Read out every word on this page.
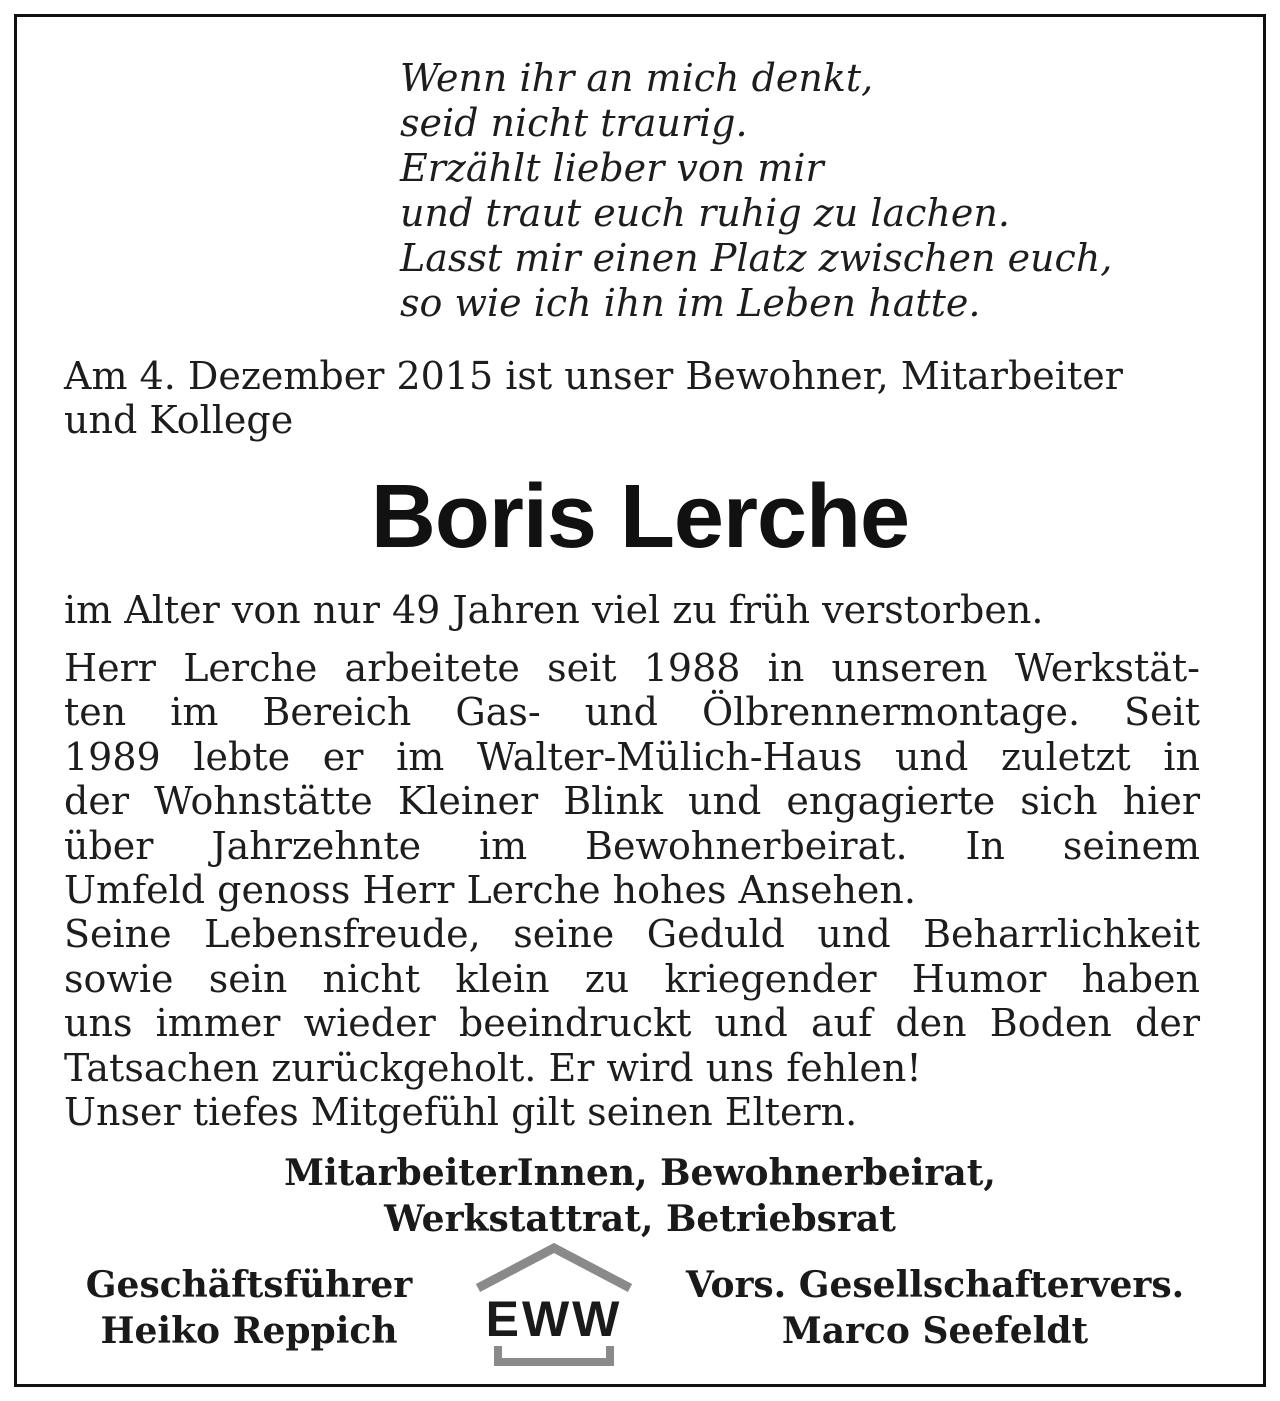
Wenn ihr an mich denkt,
seid nicht traurig.
Erzählt lieber von mir
und traut euch ruhig zu lachen.
Lasst mir einen Platz zwischen euch,
so wie ich ihn im Leben hatte.
Am 4. Dezember 2015 ist unser Bewohner, Mitarbeiter
und Kollege
Boris Lerche
im Alter von nur 49 Jahren viel zu früh verstorben.
Herr Lerche arbeitete seit 1988 in unseren Werkstät-
ten im Bereich Gas- und Ölbrennermontage. Seit
1989 lebte er im Walter-Mülich-Haus und zuletzt in
der Wohnstätte Kleiner Blink und engagierte sich hier
über Jahrzehnte im Bewohnerbeirat. In seinem
Umfeld genoss Herr Lerche hohes Ansehen.
Seine Lebensfreude, seine Geduld und Beharrlichkeit
sowie sein nicht klein zu kriegender Humor haben
uns immer wieder beeindruckt und auf den Boden der
Tatsachen zurückgeholt. Er wird uns fehlen!
Unser tiefes Mitgefühl gilt seinen Eltern.
MitarbeiterInnen, Bewohnerbeirat,
Werkstattrat, Betriebsrat
Geschäftsführer
Heiko Reppich	EWW
Vors. Gesellschaftervers.
Marco Seefeldt
